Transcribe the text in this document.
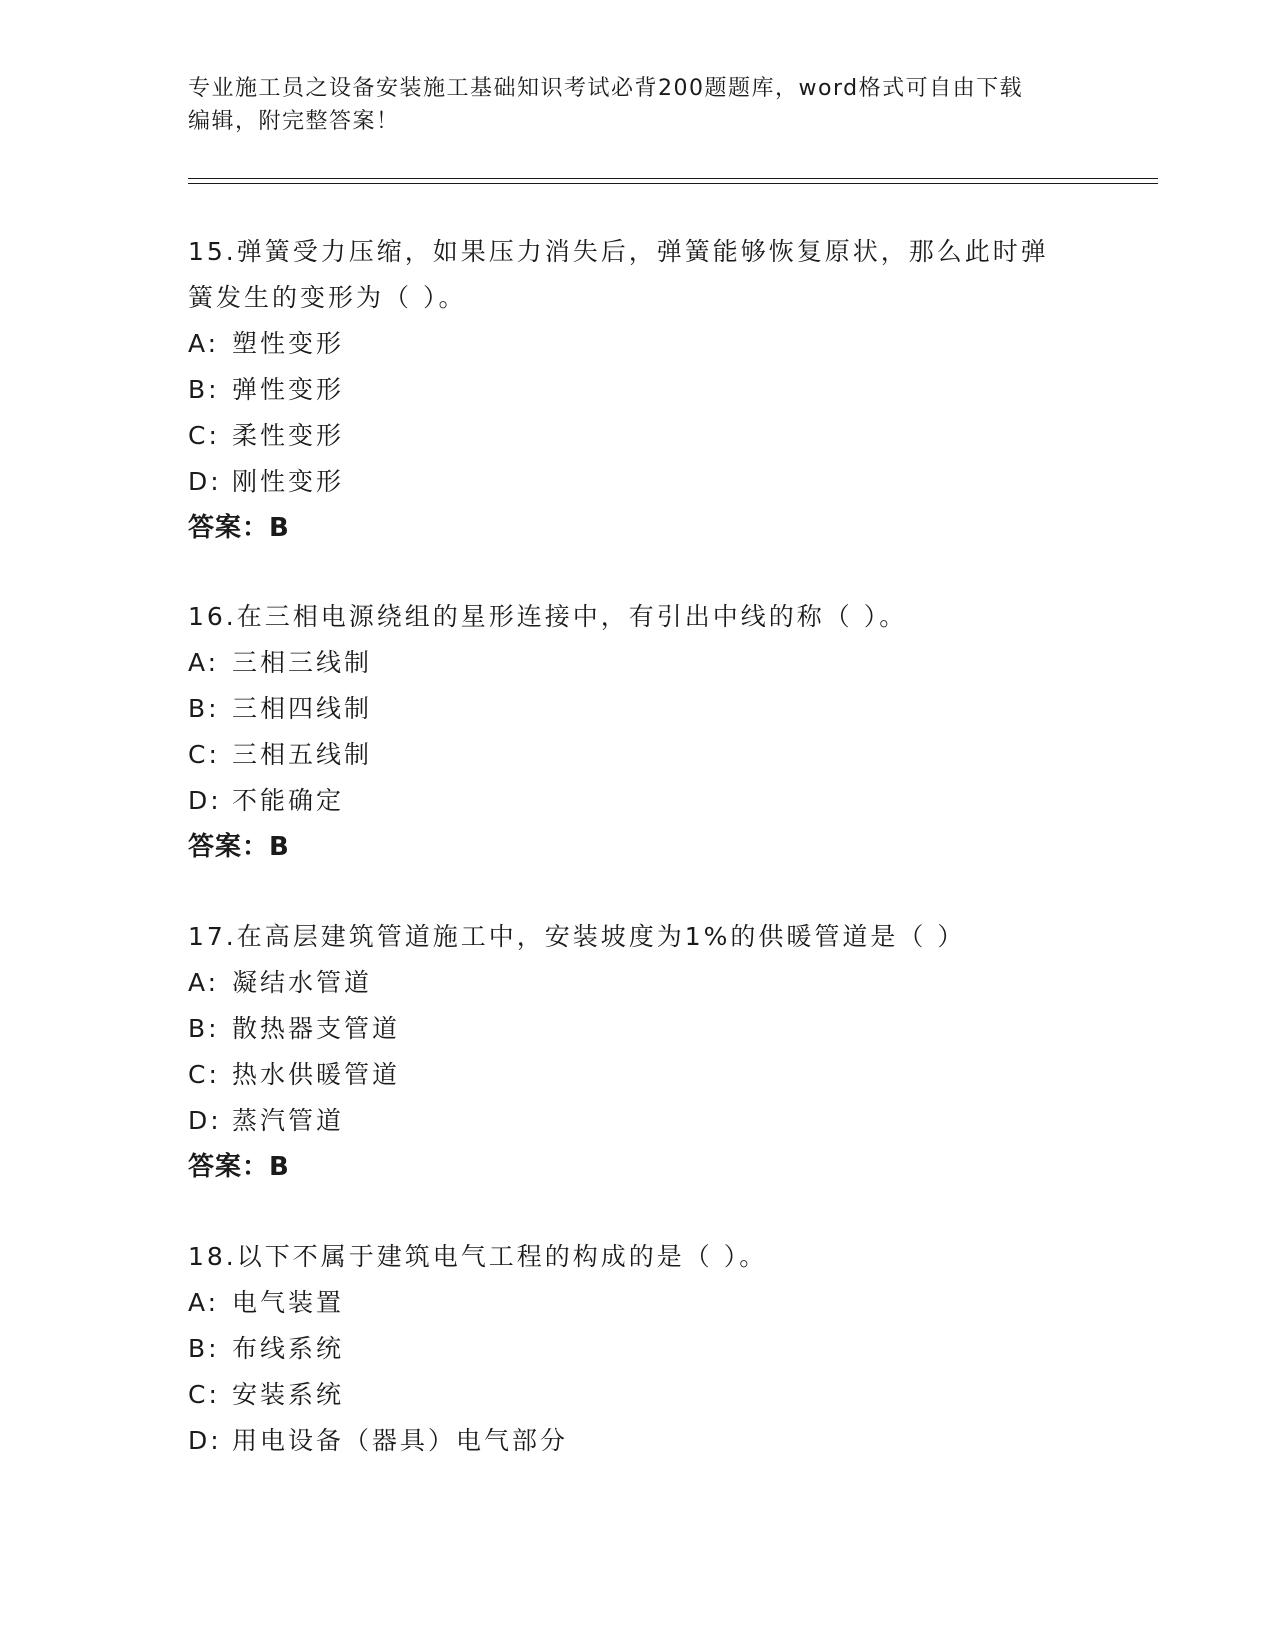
专业施工员之设备安装施工基础知识考试必背200题题库，word格式可自由下载
编辑，附完整答案！
15.弹簧受力压缩，如果压力消失后，弹簧能够恢复原状，那么此时弹
簧发生的变形为（ ）。
A: 塑性变形
B: 弹性变形
C: 柔性变形
D: 刚性变形
答案：B
16.在三相电源绕组的星形连接中，有引出中线的称（ ）。
A: 三相三线制
B: 三相四线制
C: 三相五线制
D: 不能确定
答案：B
17.在高层建筑管道施工中，安装坡度为1%的供暖管道是（ ）
A: 凝结水管道
B: 散热器支管道
C: 热水供暖管道
D: 蒸汽管道
答案：B
18.以下不属于建筑电气工程的构成的是（ ）。
A: 电气装置
B: 布线系统
C: 安装系统
D: 用电设备（器具）电气部分
